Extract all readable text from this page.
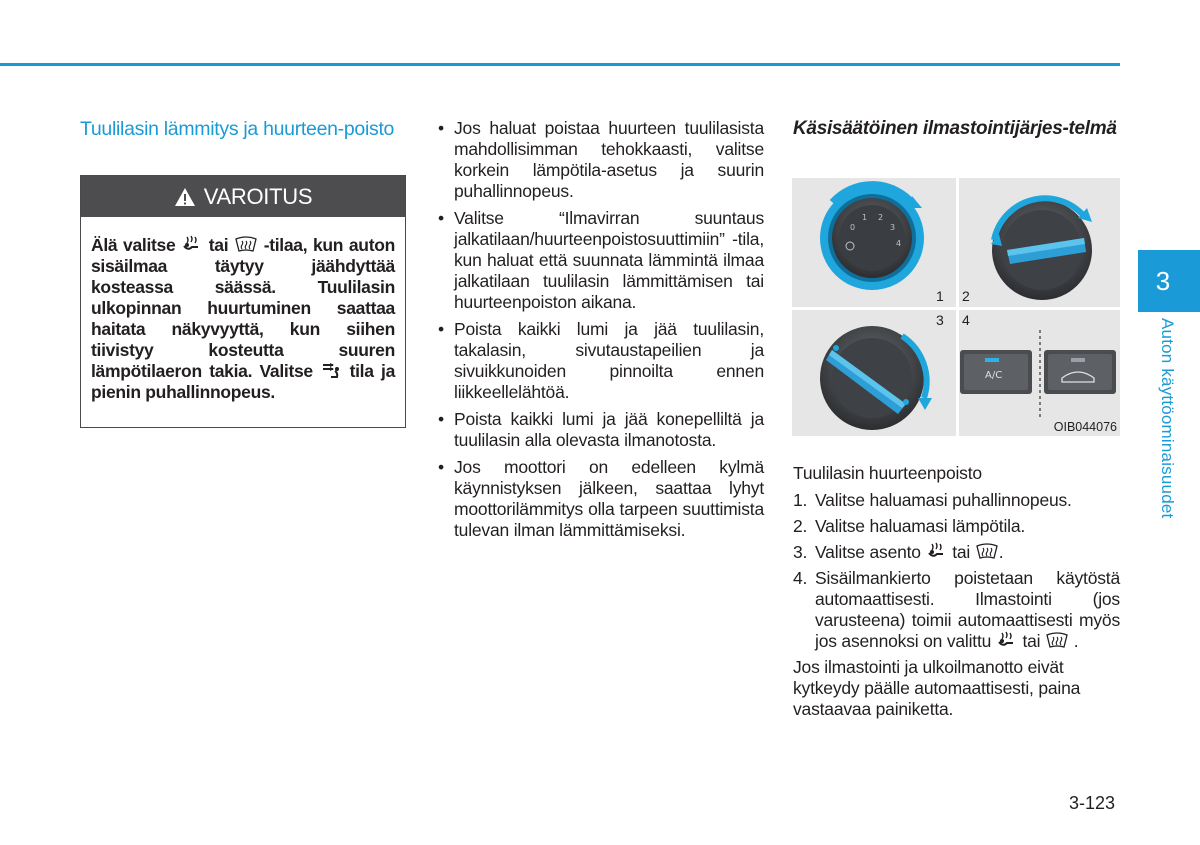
Tuulilasin lämmitys ja huurteen-poisto
VAROITUS
Älä valitse tai -tilaa, kun auton sisäilmaa täytyy jäähdyttää kosteassa säässä. Tuulilasin ulkopinnan huurtuminen saattaa haitata näkyvyyttä, kun siihen tiivistyy kosteutta suuren lämpötilaeron takia. Valitse tila ja pienin puhallinnopeus.
• Jos haluat poistaa huurteen tuulilasista mahdollisimman tehokkaasti, valitse korkein lämpötila-asetus ja suurin puhallinnopeus.
• Valitse “Ilmavirran suuntaus jalkatilaan/huurteenpoistosuuttimiin” -tila, kun haluat että suunnata lämmintä ilmaa jalkatilaan tuulilasin lämmittämisen tai huurteenpoiston aikana.
• Poista kaikki lumi ja jää tuulilasin, takalasin, sivutaustapeilien ja sivuikkunoiden pinnoilta ennen liikkeellelähtöä.
• Poista kaikki lumi ja jää konepelliltä ja tuulilasin alla olevasta ilmanotosta.
• Jos moottori on edelleen kylmä käynnistyksen jälkeen, saattaa lyhyt moottorilämmitys olla tarpeen suuttimista tulevan ilman lämmittämiseksi.
Käsisäätöinen ilmastointijärjes-telmä
0
1 2
3
4
A/C
1 2
3 4
OIB044076

Tuulilasin huurteenpoisto

1. Valitse haluamasi puhallinnopeus.
2. Valitse haluamasi lämpötila.
3. Valitse asento tai .
4. Sisäilmankierto poistetaan käytöstä automaattisesti. Ilmastointi (jos varusteena) toimii automaattisesti myös jos asennoksi on valittu tai .

Jos ilmastointi ja ulkoilmanotto eivät kytkeydy päälle automaattisesti, paina vastaavaa painiketta.

3
Auton käyttöominaisuudet
3-123
